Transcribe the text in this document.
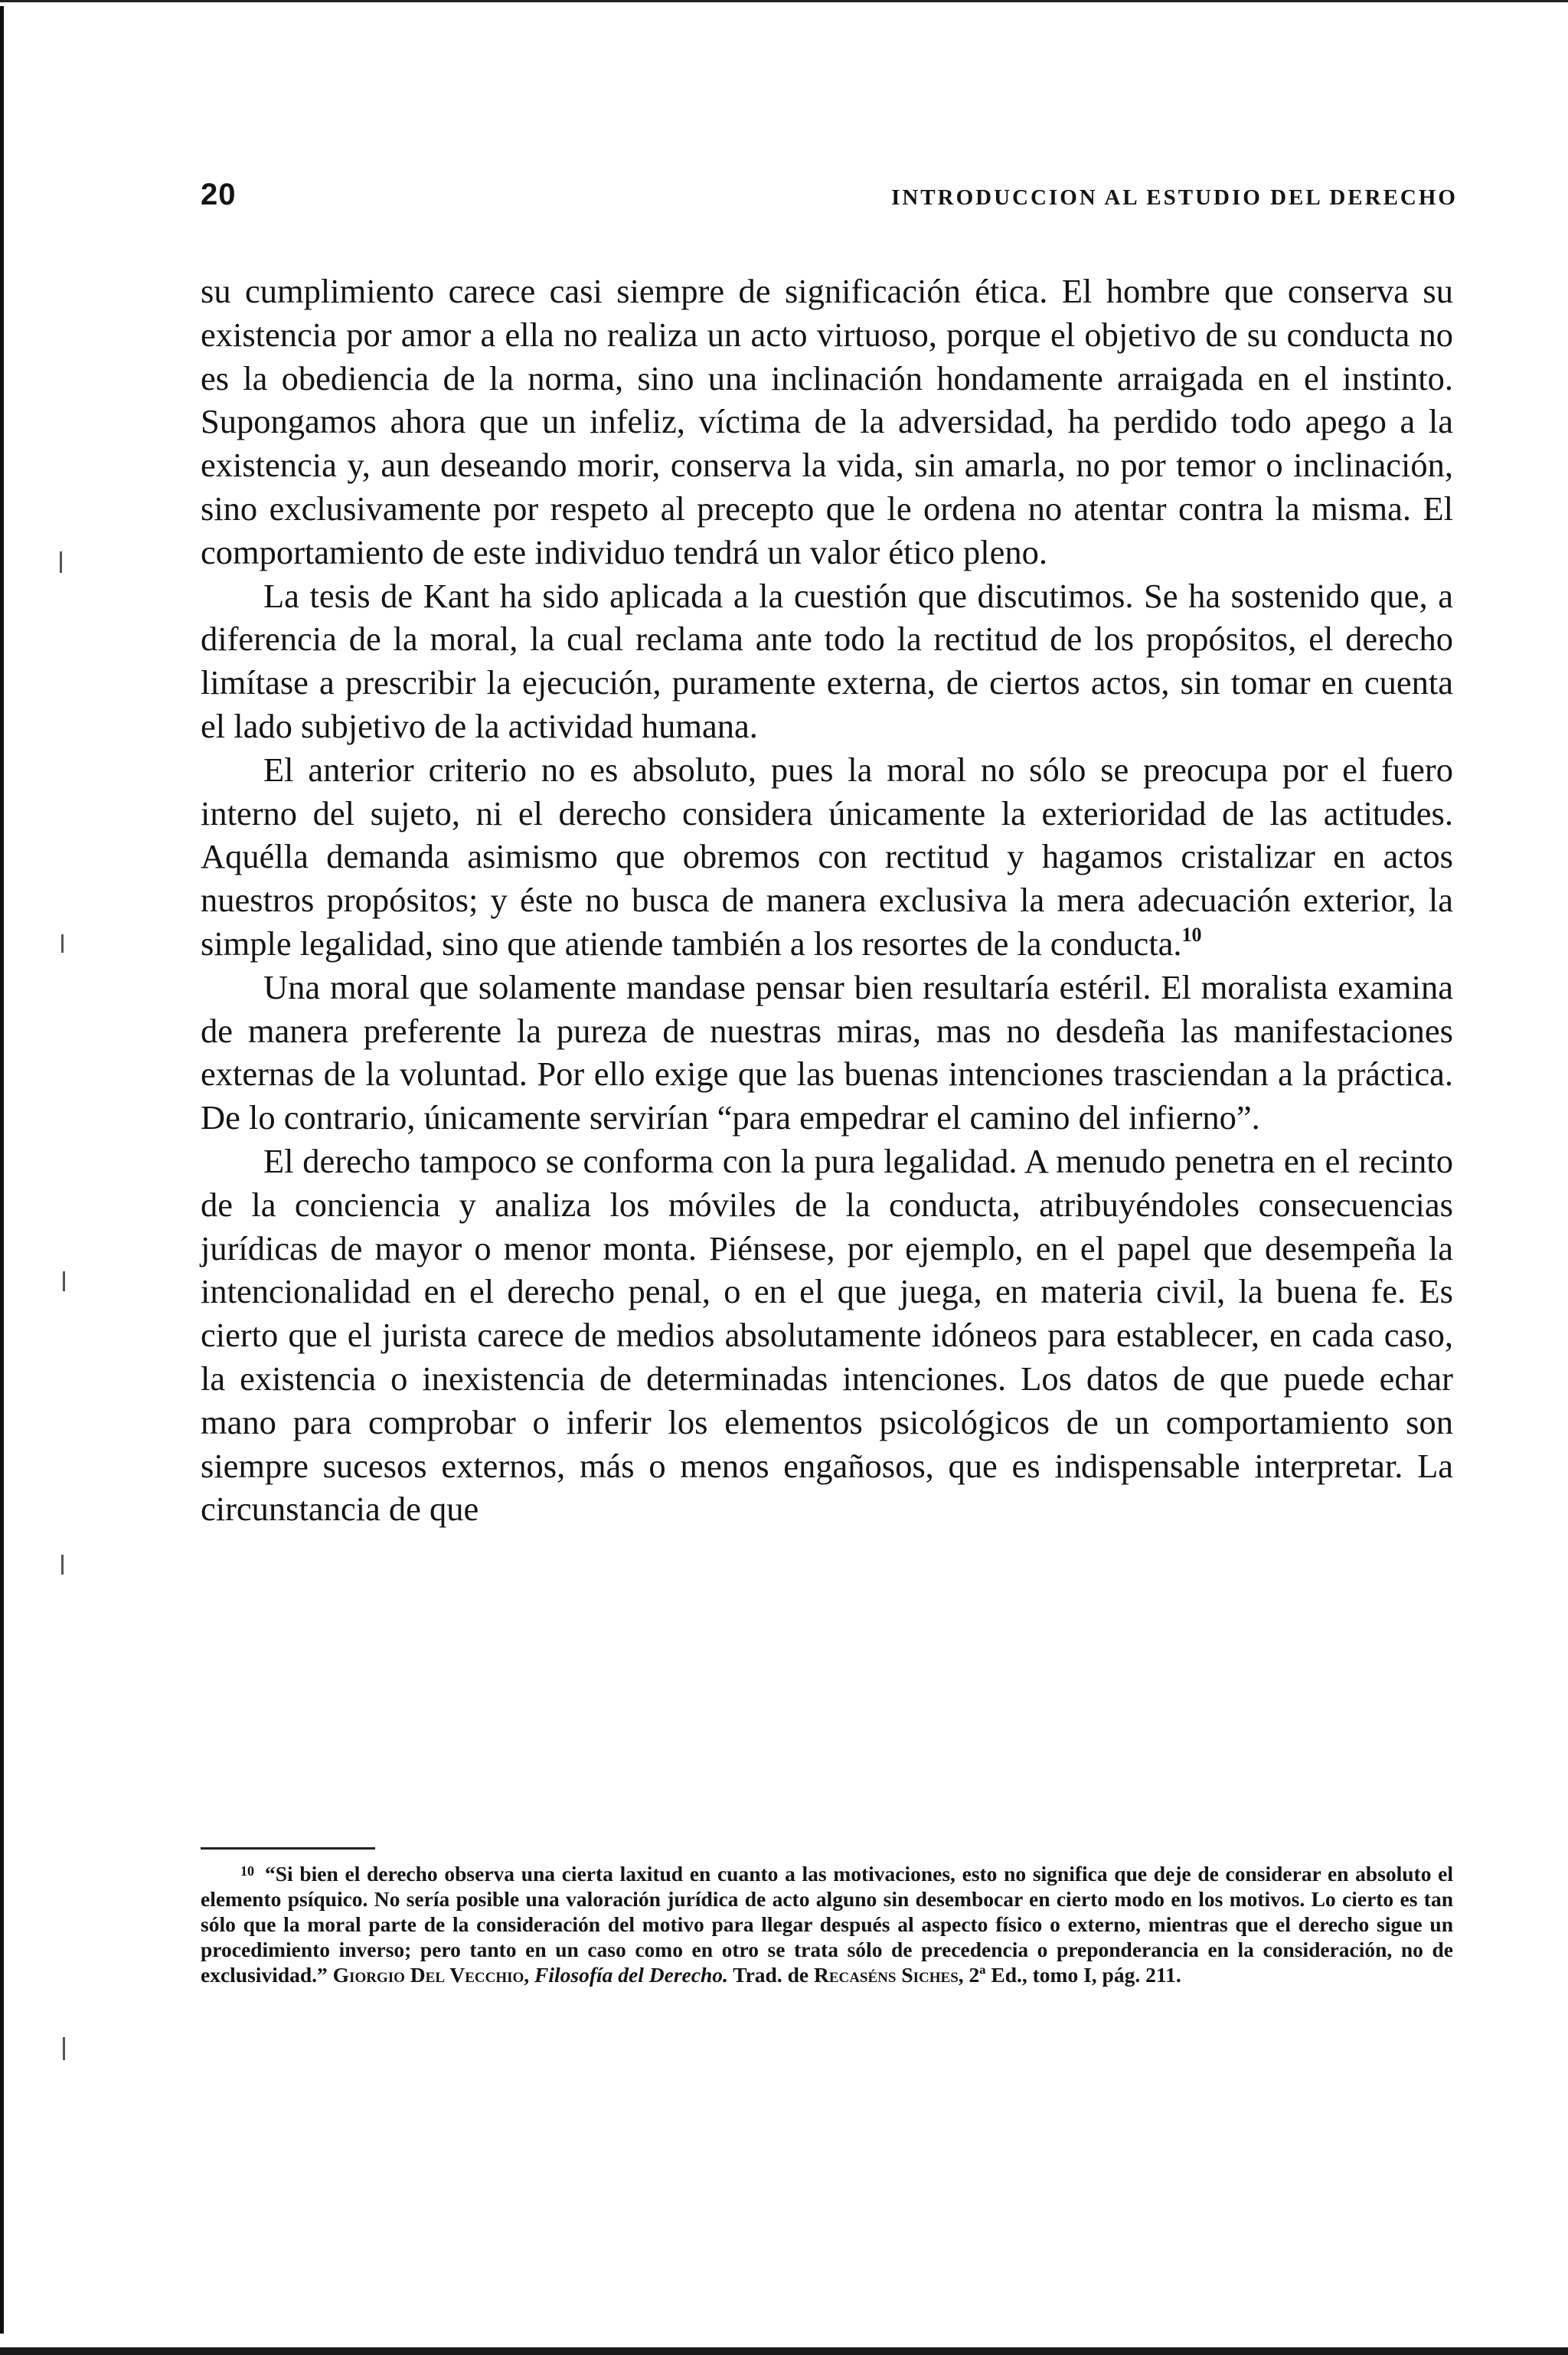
20	INTRODUCCION AL ESTUDIO DEL DERECHO

su cumplimiento carece casi siempre de significación ética. El hombre que conserva su existencia por amor a ella no realiza un acto virtuoso, porque el objetivo de su conducta no es la obediencia de la norma, sino una inclinación hondamente arraigada en el instinto. Supongamos ahora que un infeliz, víctima de la adversidad, ha perdido todo apego a la existencia y, aun deseando morir, conserva la vida, sin amarla, no por temor o inclinación, sino exclusivamente por respeto al precepto que le ordena no atentar contra la misma. El comportamiento de este individuo tendrá un valor ético pleno.

La tesis de Kant ha sido aplicada a la cuestión que discutimos. Se ha sostenido que, a diferencia de la moral, la cual reclama ante todo la rectitud de los propósitos, el derecho limítase a prescribir la ejecución, puramente externa, de ciertos actos, sin tomar en cuenta el lado subjetivo de la actividad humana.

El anterior criterio no es absoluto, pues la moral no sólo se preocupa por el fuero interno del sujeto, ni el derecho considera únicamente la exterioridad de las actitudes. Aquélla demanda asimismo que obremos con rectitud y hagamos cristalizar en actos nuestros propósitos; y éste no busca de manera exclusiva la mera adecuación exterior, la simple legalidad, sino que atiende también a los resortes de la conducta.$^{10}$

Una moral que solamente mandase pensar bien resultaría estéril. El moralista examina de manera preferente la pureza de nuestras miras, mas no desdeña las manifestaciones externas de la voluntad. Por ello exige que las buenas intenciones trasciendan a la práctica. De lo contrario, únicamente servirían “para empedrar el camino del infierno”.

El derecho tampoco se conforma con la pura legalidad. A menudo penetra en el recinto de la conciencia y analiza los móviles de la conducta, atribuyéndoles consecuencias jurídicas de mayor o menor monta. Piénsese, por ejemplo, en el papel que desempeña la intencionalidad en el derecho penal, o en el que juega, en materia civil, la buena fe. Es cierto que el jurista carece de medios absolutamente idóneos para establecer, en cada caso, la existencia o inexistencia de determinadas intenciones. Los datos de que puede echar mano para comprobar o inferir los elementos psicológicos de un comportamiento son siempre sucesos externos, más o menos engañosos, que es indispensable interpretar. La circunstancia de que

$^{10}$ “Si bien el derecho observa una cierta laxitud en cuanto a las motivaciones, esto no significa que deje de considerar en absoluto el elemento psíquico. No sería posible una valoración jurídica de acto alguno sin desembocar en cierto modo en los motivos. Lo cierto es tan sólo que la moral parte de la consideración del motivo para llegar después al aspecto físico o externo, mientras que el derecho sigue un procedimiento inverso; pero tanto en un caso como en otro se trata sólo de precedencia o preponderancia en la consideración, no de exclusividad.” Giorgio Del Vecchio, Filosofía del Derecho. Trad. de Recaséns Siches, 2ª Ed., tomo I, pág. 211.
